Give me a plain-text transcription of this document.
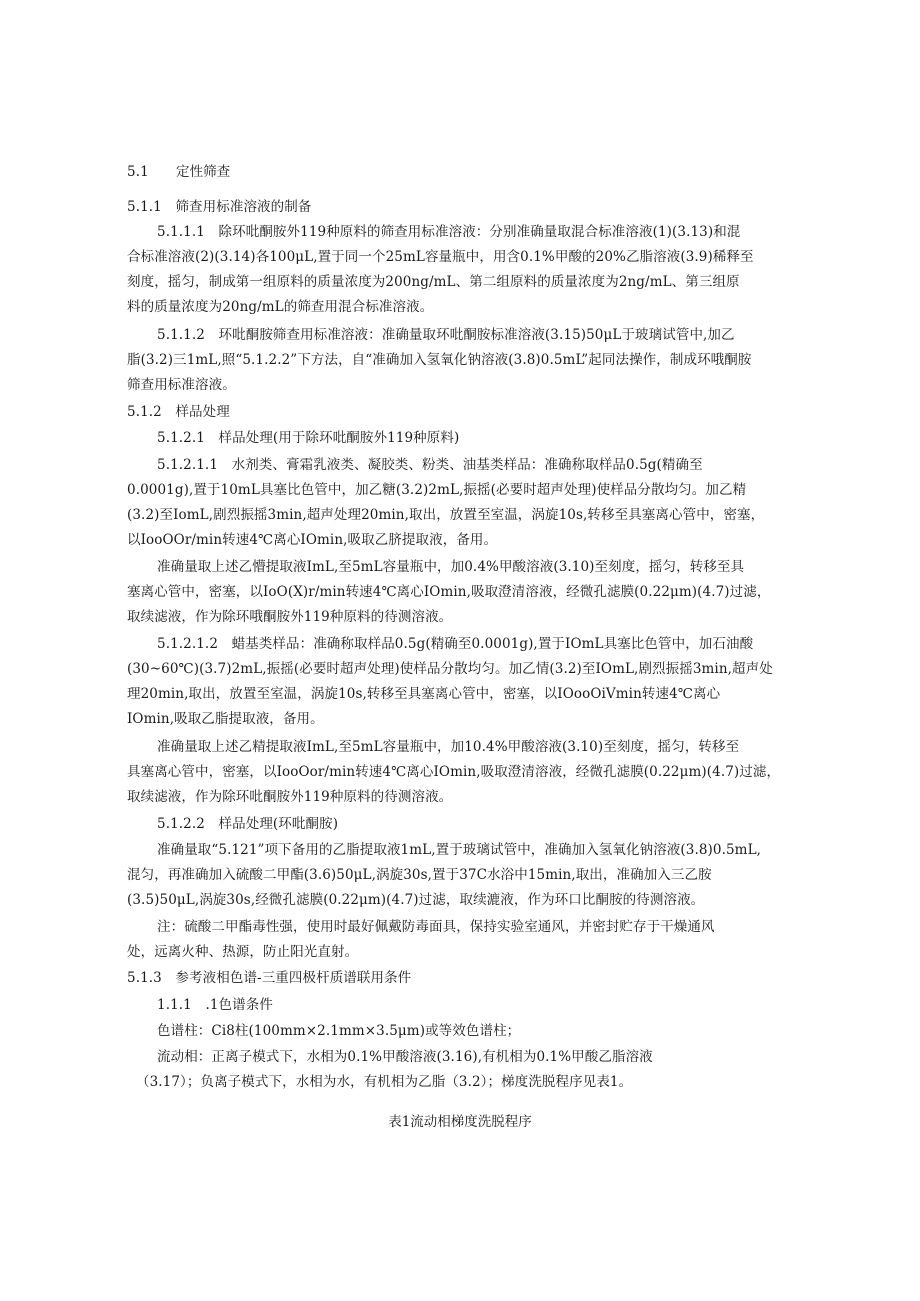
5.1　　定性筛查
5.1.1　筛查用标准溶液的制备
5.1.1.1　除环吡酮胺外119种原料的筛查用标准溶液：分别准确量取混合标准溶液(1)(3.13)和混
合标准溶液(2)(3.14)各100μL,置于同一个25mL容量瓶中，用含0.1%甲酸的20%乙脂溶液(3.9)稀释至
刻度，摇匀，制成第一组原料的质量浓度为200ng/mL、第二组原料的质量浓度为2ng/mL、第三组原
料的质量浓度为20ng/mL的筛查用混合标准溶液。
5.1.1.2　环吡酮胺筛查用标准溶液：准确量取环吡酮胺标准溶液(3.15)50μL于玻璃试管中,加乙
脂(3.2)三1mL,照“5.1.2.2”下方法，自“准确加入氢氧化钠溶液(3.8)0.5mL”起同法操作，制成环哦酮胺
筛查用标准溶液。
5.1.2　样品处理
5.1.2.1　样品处理(用于除环吡酮胺外119种原料)
5.1.2.1.1　水剂类、膏霜乳液类、凝胶类、粉类、油基类样品：准确称取样品0.5g(精确至
0.0001g),置于10mL具塞比色管中，加乙糖(3.2)2mL,振摇(必要时超声处理)使样品分散均匀。加乙精
(3.2)至IomL,剧烈振摇3min,超声处理20min,取出，放置至室温，涡旋10s,转移至具塞离心管中，密塞，
以IooOOr/min转速4℃离心IOmin,吸取乙脐提取液，备用。
准确量取上述乙懵提取液ImL,至5mL容量瓶中，加0.4%甲酸溶液(3.10)至刻度，摇匀，转移至具
塞离心管中，密塞，以IoO(X)r/min转速4℃离心IOmin,吸取澄清溶液，经微孔滤膜(0.22μm)(4.7)过滤，
取续滤液，作为除环哦酮胺外119种原料的待测溶液。
5.1.2.1.2　蜡基类样品：准确称取样品0.5g(精确至0.0001g),置于IOmL具塞比色管中，加石油酸
(30~60℃)(3.7)2mL,振摇(必要时超声处理)使样品分散均匀。加乙情(3.2)至IOmL,剧烈振摇3min,超声处
理20min,取出，放置至室温，涡旋10s,转移至具塞离心管中，密塞，以IOooOiVmin转速4℃离心
IOmin,吸取乙脂提取液，备用。
准确量取上述乙精提取液ImL,至5mL容量瓶中，加10.4%甲酸溶液(3.10)至刻度，摇匀，转移至
具塞离心管中，密塞，以IooOor/min转速4℃离心IOmin,吸取澄清溶液，经微孔滤膜(0.22μm)(4.7)过滤，
取续滤液，作为除环吡酮胺外119种原料的待测溶液。
5.1.2.2　样品处理(环吡酮胺)
准确量取“5.121”项下备用的乙脂提取液1mL,置于玻璃试管中，准确加入氢氧化钠溶液(3.8)0.5mL,
混匀，再准确加入硫酸二甲酯(3.6)50μL,涡旋30s,置于37C水浴中15min,取出，准确加入三乙胺
(3.5)50μL,涡旋30s,经微孔滤膜(0.22μm)(4.7)过滤，取续漉液，作为环口比酮胺的待测溶液。
注：硫酸二甲酯毒性强，使用时最好佩戴防毒面具，保持实验室通风，并密封贮存于干燥通风
处，远离火种、热源，防止阳光直射。
5.1.3　参考液相色谱-三重四极杆质谱联用条件
1.1.1　.1色谱条件
色谱柱：Ci8柱(100mm×2.1mm×3.5μm)或等效色谱柱；
流动相：正离子模式下，水相为0.1%甲酸溶液(3.16),有机相为0.1%甲酸乙脂溶液
（3.17）；负离子模式下，水相为水，有机相为乙脂（3.2）；梯度洗脱程序见表1。
表1流动相梯度洗脱程序
